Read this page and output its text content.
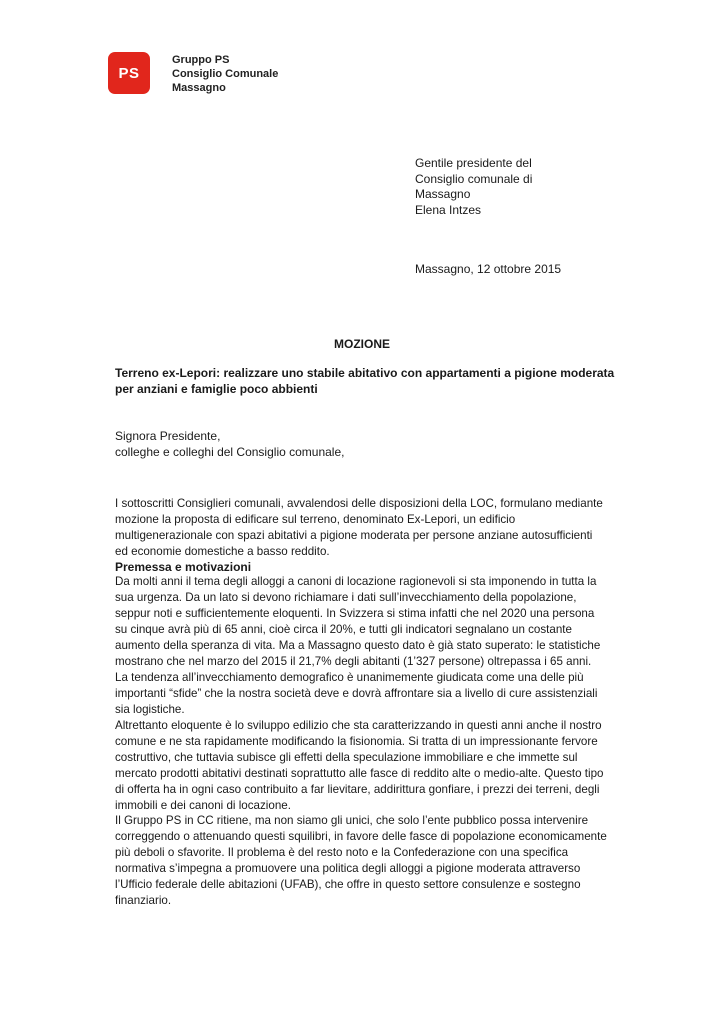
PS
Gruppo PS
Consiglio Comunale
Massagno
Gentile presidente del
Consiglio comunale di
Massagno
Elena Intzes
Massagno, 12 ottobre 2015
MOZIONE
Terreno ex-Lepori: realizzare uno stabile abitativo con appartamenti a pigione moderata per anziani e famiglie poco abbienti
Signora Presidente,
colleghe e colleghi del Consiglio comunale,

I sottoscritti Consiglieri comunali, avvalendosi delle disposizioni della LOC, formulano mediante mozione la proposta di edificare sul terreno, denominato Ex-Lepori, un edificio multigenerazionale con spazi abitativi a pigione moderata per persone anziane autosufficienti ed economie domestiche a basso reddito.

Premessa e motivazioni

Da molti anni il tema degli alloggi a canoni di locazione ragionevoli si sta imponendo in tutta la sua urgenza. Da un lato si devono richiamare i dati sull’invecchiamento della popolazione, seppur noti e sufficientemente eloquenti. In Svizzera si stima infatti che nel 2020 una persona su cinque avrà più di 65 anni, cioè circa il 20%, e tutti gli indicatori segnalano un costante aumento della speranza di vita. Ma a Massagno questo dato è già stato superato: le statistiche mostrano che nel marzo del 2015 il 21,7% degli abitanti (1’327 persone) oltrepassa i 65 anni. La tendenza all’invecchiamento demografico è unanimemente giudicata come una delle più importanti “sfide” che la nostra società deve e dovrà affrontare sia a livello di cure assistenziali sia logistiche.

Altrettanto eloquente è lo sviluppo edilizio che sta caratterizzando in questi anni anche il nostro comune e ne sta rapidamente modificando la fisionomia. Si tratta di un impressionante fervore costruttivo, che tuttavia subisce gli effetti della speculazione immobiliare e che immette sul mercato prodotti abitativi destinati soprattutto alle fasce di reddito alte o medio-alte. Questo tipo di offerta ha in ogni caso contribuito a far lievitare, addirittura gonfiare, i prezzi dei terreni, degli immobili e dei canoni di locazione.

Il Gruppo PS in CC ritiene, ma non siamo gli unici, che solo l’ente pubblico possa intervenire correggendo o attenuando questi squilibri, in favore delle fasce di popolazione economicamente più deboli o sfavorite. Il problema è del resto noto e la Confederazione con una specifica normativa s’impegna a promuovere una politica degli alloggi a pigione moderata attraverso l’Ufficio federale delle abitazioni (UFAB), che offre in questo settore consulenze e sostegno finanziario.
